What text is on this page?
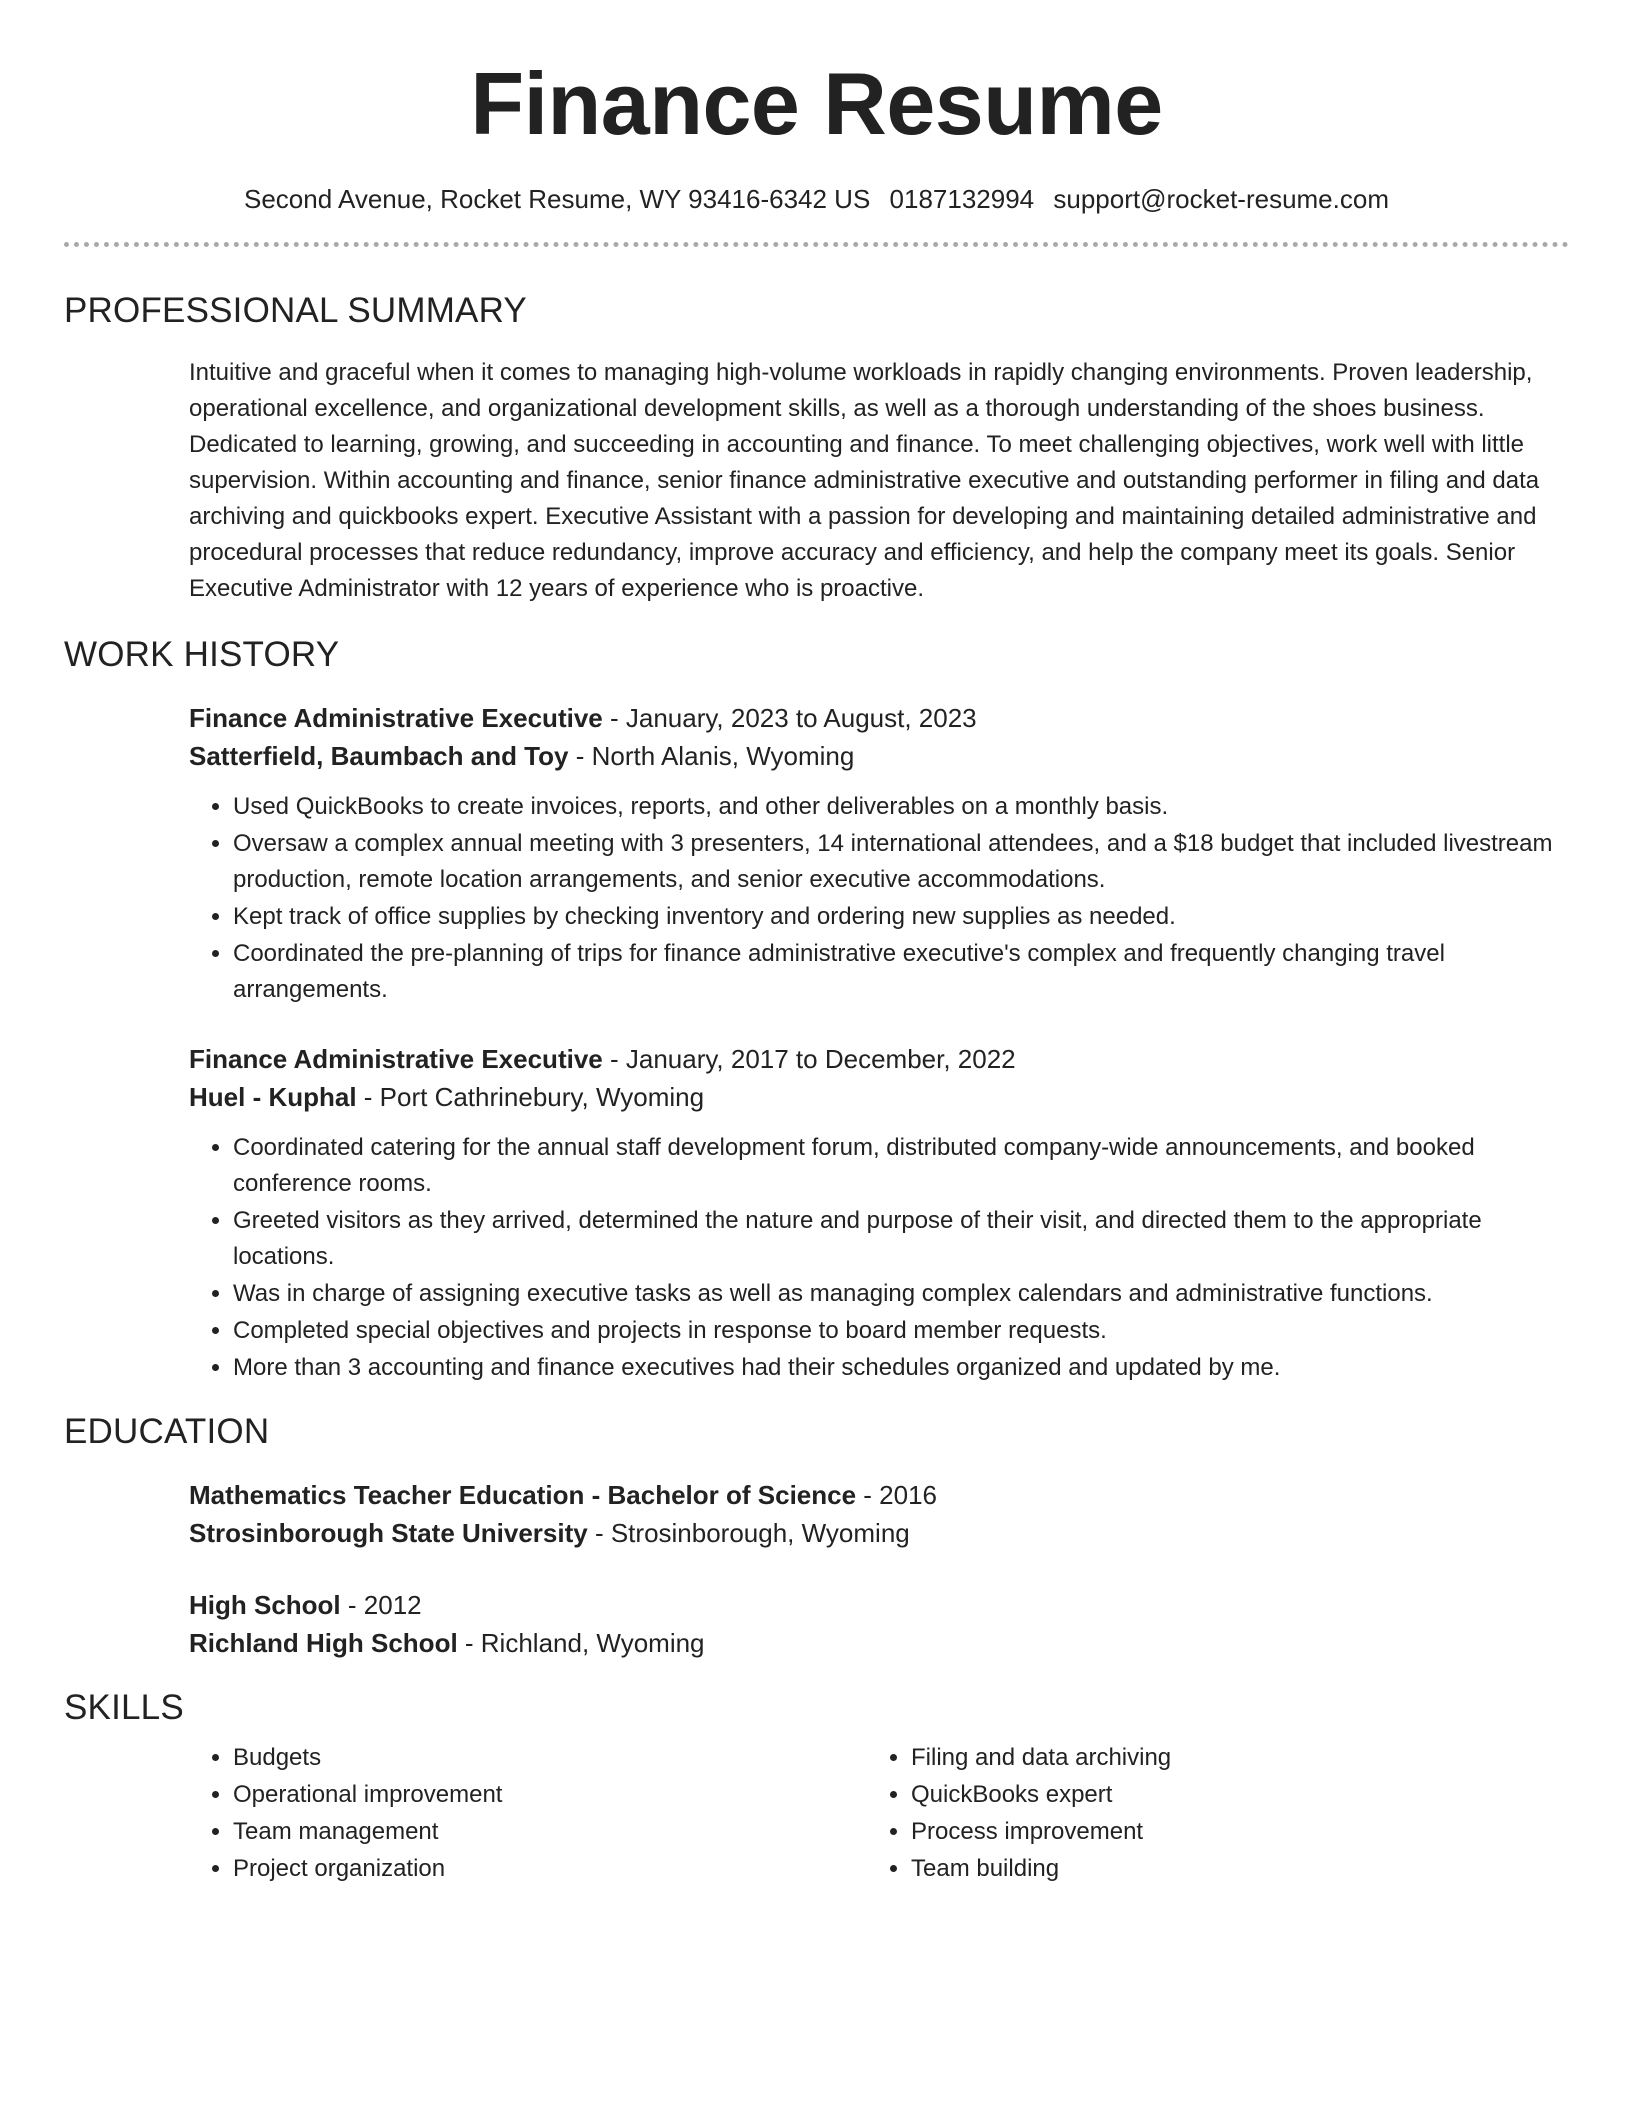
Finance Resume
Second Avenue, Rocket Resume, WY 93416-6342 US 0187132994 support@rocket-resume.com
PROFESSIONAL SUMMARY
Intuitive and graceful when it comes to managing high-volume workloads in rapidly changing environments. Proven leadership, operational excellence, and organizational development skills, as well as a thorough understanding of the shoes business. Dedicated to learning, growing, and succeeding in accounting and finance. To meet challenging objectives, work well with little supervision. Within accounting and finance, senior finance administrative executive and outstanding performer in filing and data archiving and quickbooks expert. Executive Assistant with a passion for developing and maintaining detailed administrative and procedural processes that reduce redundancy, improve accuracy and efficiency, and help the company meet its goals. Senior Executive Administrator with 12 years of experience who is proactive.
WORK HISTORY
Finance Administrative Executive - January, 2023 to August, 2023
Satterfield, Baumbach and Toy - North Alanis, Wyoming
• Used QuickBooks to create invoices, reports, and other deliverables on a monthly basis.
• Oversaw a complex annual meeting with 3 presenters, 14 international attendees, and a $18 budget that included livestream production, remote location arrangements, and senior executive accommodations.
• Kept track of office supplies by checking inventory and ordering new supplies as needed.
• Coordinated the pre-planning of trips for finance administrative executive's complex and frequently changing travel arrangements.
Finance Administrative Executive - January, 2017 to December, 2022
Huel - Kuphal - Port Cathrinebury, Wyoming
• Coordinated catering for the annual staff development forum, distributed company-wide announcements, and booked conference rooms.
• Greeted visitors as they arrived, determined the nature and purpose of their visit, and directed them to the appropriate locations.
• Was in charge of assigning executive tasks as well as managing complex calendars and administrative functions.
• Completed special objectives and projects in response to board member requests.
• More than 3 accounting and finance executives had their schedules organized and updated by me.
EDUCATION
Mathematics Teacher Education - Bachelor of Science - 2016
Strosinborough State University - Strosinborough, Wyoming
High School - 2012
Richland High School - Richland, Wyoming
SKILLS
• Budgets
• Operational improvement
• Team management
• Project organization
• Filing and data archiving
• QuickBooks expert
• Process improvement
• Team building
